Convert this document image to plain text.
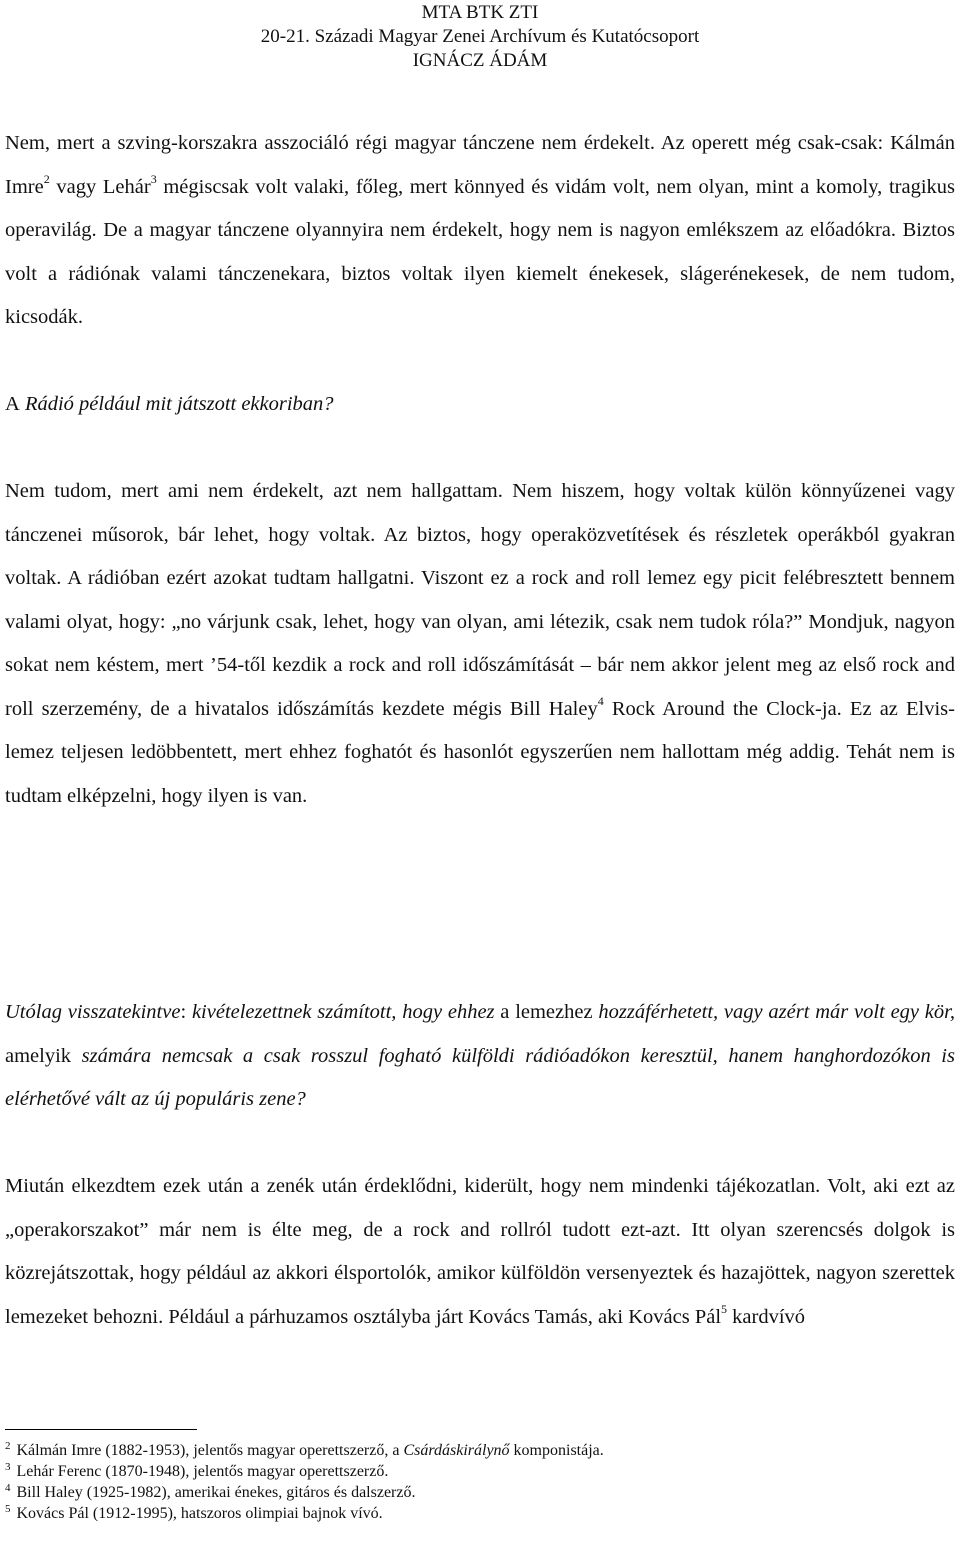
MTA BTK ZTI
20-21. Századi Magyar Zenei Archívum és Kutatócsoport
IGNÁCZ ÁDÁM
Nem, mert a szving-korszakra asszociáló régi magyar tánczene nem érdekelt. Az operett még csak-csak: Kálmán Imre$^2$ vagy Lehár$^3$ mégiscsak volt valaki, főleg, mert könnyed és vidám volt, nem olyan, mint a komoly, tragikus operavilág. De a magyar tánczene olyannyira nem érdekelt, hogy nem is nagyon emlékszem az előadókra. Biztos volt a rádiónak valami tánczenekara, biztos voltak ilyen kiemelt énekesek, slágerénekesek, de nem tudom, kicsodák.
A Rádió például mit játszott ekkoriban?
Nem tudom, mert ami nem érdekelt, azt nem hallgattam. Nem hiszem, hogy voltak külön könnyűzenei vagy tánczenei műsorok, bár lehet, hogy voltak. Az biztos, hogy operaközvetítések és részletek operákból gyakran voltak. A rádióban ezért azokat tudtam hallgatni. Viszont ez a rock and roll lemez egy picit felébresztett bennem valami olyat, hogy: „no várjunk csak, lehet, hogy van olyan, ami létezik, csak nem tudok róla?” Mondjuk, nagyon sokat nem késtem, mert ’54-től kezdik a rock and roll időszámítását – bár nem akkor jelent meg az első rock and roll szerzemény, de a hivatalos időszámítás kezdete mégis Bill Haley$^4$ Rock Around the Clock-ja. Ez az Elvis-lemez teljesen ledöbbentett, mert ehhez foghatót és hasonlót egyszerűen nem hallottam még addig. Tehát nem is tudtam elképzelni, hogy ilyen is van.
Utólag visszatekintve: kivételezettnek számított, hogy ehhez a lemezhez hozzáférhetett, vagy azért már volt egy kör, amelyik számára nemcsak a csak rosszul fogható külföldi rádióadókon keresztül, hanem hanghordozókon is elérhetővé vált az új populáris zene?
Miután elkezdtem ezek után a zenék után érdeklődni, kiderült, hogy nem mindenki tájékozatlan. Volt, aki ezt az „operakorszakot” már nem is élte meg, de a rock and rollról tudott ezt-azt. Itt olyan szerencsés dolgok is közrejátszottak, hogy például az akkori élsportolók, amikor külföldön versenyeztek és hazajöttek, nagyon szerettek lemezeket behozni. Például a párhuzamos osztályba járt Kovács Tamás, aki Kovács Pál$^5$ kardvívó
$^2$ Kálmán Imre (1882-1953), jelentős magyar operettszerző, a Csárdáskirálynő komponistája.
$^3$ Lehár Ferenc (1870-1948), jelentős magyar operettszerző.
$^4$ Bill Haley (1925-1982), amerikai énekes, gitáros és dalszerző.
$^5$ Kovács Pál (1912-1995), hatszoros olimpiai bajnok vívó.
